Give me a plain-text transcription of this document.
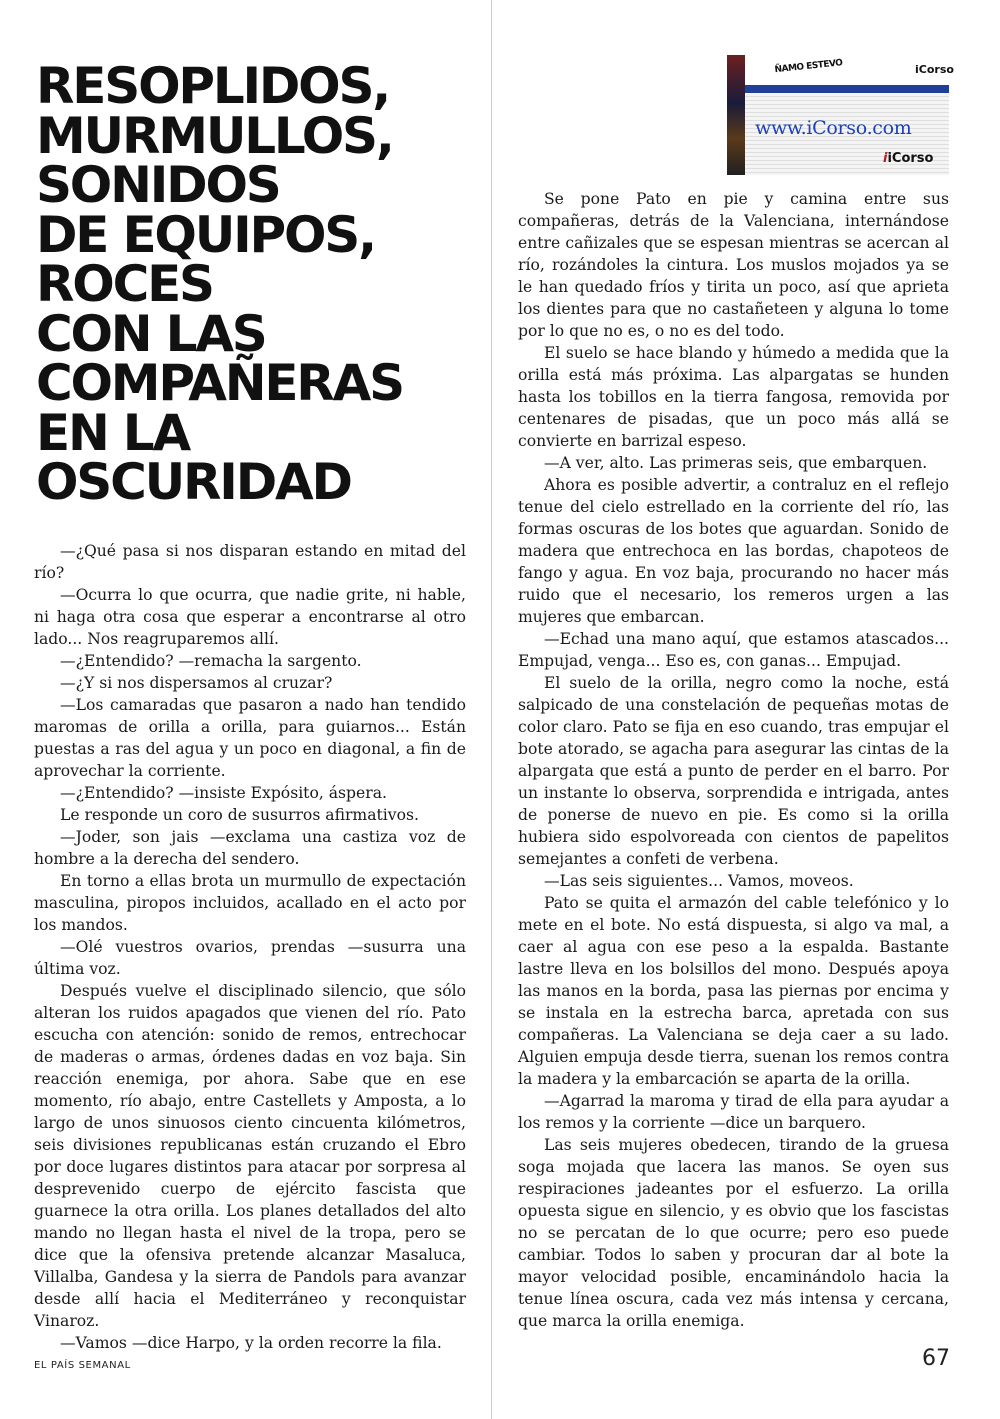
RESOPLIDOS,
MURMULLOS,
SONIDOS
DE EQUIPOS,
ROCES
CON LAS
COMPAÑERAS
EN LA
OSCURIDAD

—¿Qué pasa si nos disparan estando en mitad del río?

—Ocurra lo que ocurra, que nadie grite, ni hable, ni haga otra cosa que esperar a encontrarse al otro lado... Nos reagruparemos allí.

—¿Entendido? —remacha la sargento.

—¿Y si nos dispersamos al cruzar?

—Los camaradas que pasaron a nado han tendido maromas de orilla a orilla, para guiarnos... Están puestas a ras del agua y un poco en diagonal, a fin de aprovechar la corriente.

—¿Entendido? —insiste Expósito, áspera.

Le responde un coro de susurros afirmativos.

—Joder, son jais —exclama una castiza voz de hombre a la derecha del sendero.

En torno a ellas brota un murmullo de expectación masculina, piropos incluidos, acallado en el acto por los mandos.

—Olé vuestros ovarios, prendas —susurra una última voz.

Después vuelve el disciplinado silencio, que sólo alteran los ruidos apagados que vienen del río. Pato escucha con atención: sonido de remos, entrechocar de maderas o armas, órdenes dadas en voz baja. Sin reacción enemiga, por ahora. Sabe que en ese momento, río abajo, entre Castellets y Amposta, a lo largo de unos sinuosos ciento cincuenta kilómetros, seis divisiones republicanas están cruzando el Ebro por doce lugares distintos para atacar por sorpresa al desprevenido cuerpo de ejército fascista que guarnece la otra orilla. Los planes detallados del alto mando no llegan hasta el nivel de la tropa, pero se dice que la ofensiva pretende alcanzar Masaluca, Villalba, Gandesa y la sierra de Pandols para avanzar desde allí hacia el Mediterráneo y reconquistar Vinaroz.

—Vamos —dice Harpo, y la orden recorre la fila.

ÑAMO ESTEVO	iCorso
www.iCorso.com
iiCorso

Se pone Pato en pie y camina entre sus compañeras, detrás de la Valenciana, internándose entre cañizales que se espesan mientras se acercan al río, rozándoles la cintura. Los muslos mojados ya se le han quedado fríos y tirita un poco, así que aprieta los dientes para que no castañeteen y alguna lo tome por lo que no es, o no es del todo.

El suelo se hace blando y húmedo a medida que la orilla está más próxima. Las alpargatas se hunden hasta los tobillos en la tierra fangosa, removida por centenares de pisadas, que un poco más allá se convierte en barrizal espeso.

—A ver, alto. Las primeras seis, que embarquen.

Ahora es posible advertir, a contraluz en el reflejo tenue del cielo estrellado en la corriente del río, las formas oscuras de los botes que aguardan. Sonido de madera que entrechoca en las bordas, chapoteos de fango y agua. En voz baja, procurando no hacer más ruido que el necesario, los remeros urgen a las mujeres que embarcan.

—Echad una mano aquí, que estamos atascados... Empujad, venga... Eso es, con ganas... Empujad.

El suelo de la orilla, negro como la noche, está salpicado de una constelación de pequeñas motas de color claro. Pato se fija en eso cuando, tras empujar el bote atorado, se agacha para asegurar las cintas de la alpargata que está a punto de perder en el barro. Por un instante lo observa, sorprendida e intrigada, antes de ponerse de nuevo en pie. Es como si la orilla hubiera sido espolvoreada con cientos de papelitos semejantes a confeti de verbena.

—Las seis siguientes... Vamos, moveos.

Pato se quita el armazón del cable telefónico y lo mete en el bote. No está dispuesta, si algo va mal, a caer al agua con ese peso a la espalda. Bastante lastre lleva en los bolsillos del mono. Después apoya las manos en la borda, pasa las piernas por encima y se instala en la estrecha barca, apretada con sus compañeras. La Valenciana se deja caer a su lado. Alguien empuja desde tierra, suenan los remos contra la madera y la embarcación se aparta de la orilla.

—Agarrad la maroma y tirad de ella para ayudar a los remos y la corriente —dice un barquero.

Las seis mujeres obedecen, tirando de la gruesa soga mojada que lacera las manos. Se oyen sus respiraciones jadeantes por el esfuerzo. La orilla opuesta sigue en silencio, y es obvio que los fascistas no se percatan de lo que ocurre; pero eso puede cambiar. Todos lo saben y procuran dar al bote la mayor velocidad posible, encaminándolo hacia la tenue línea oscura, cada vez más intensa y cercana, que marca la orilla enemiga.

EL PAÍS SEMANAL	67
